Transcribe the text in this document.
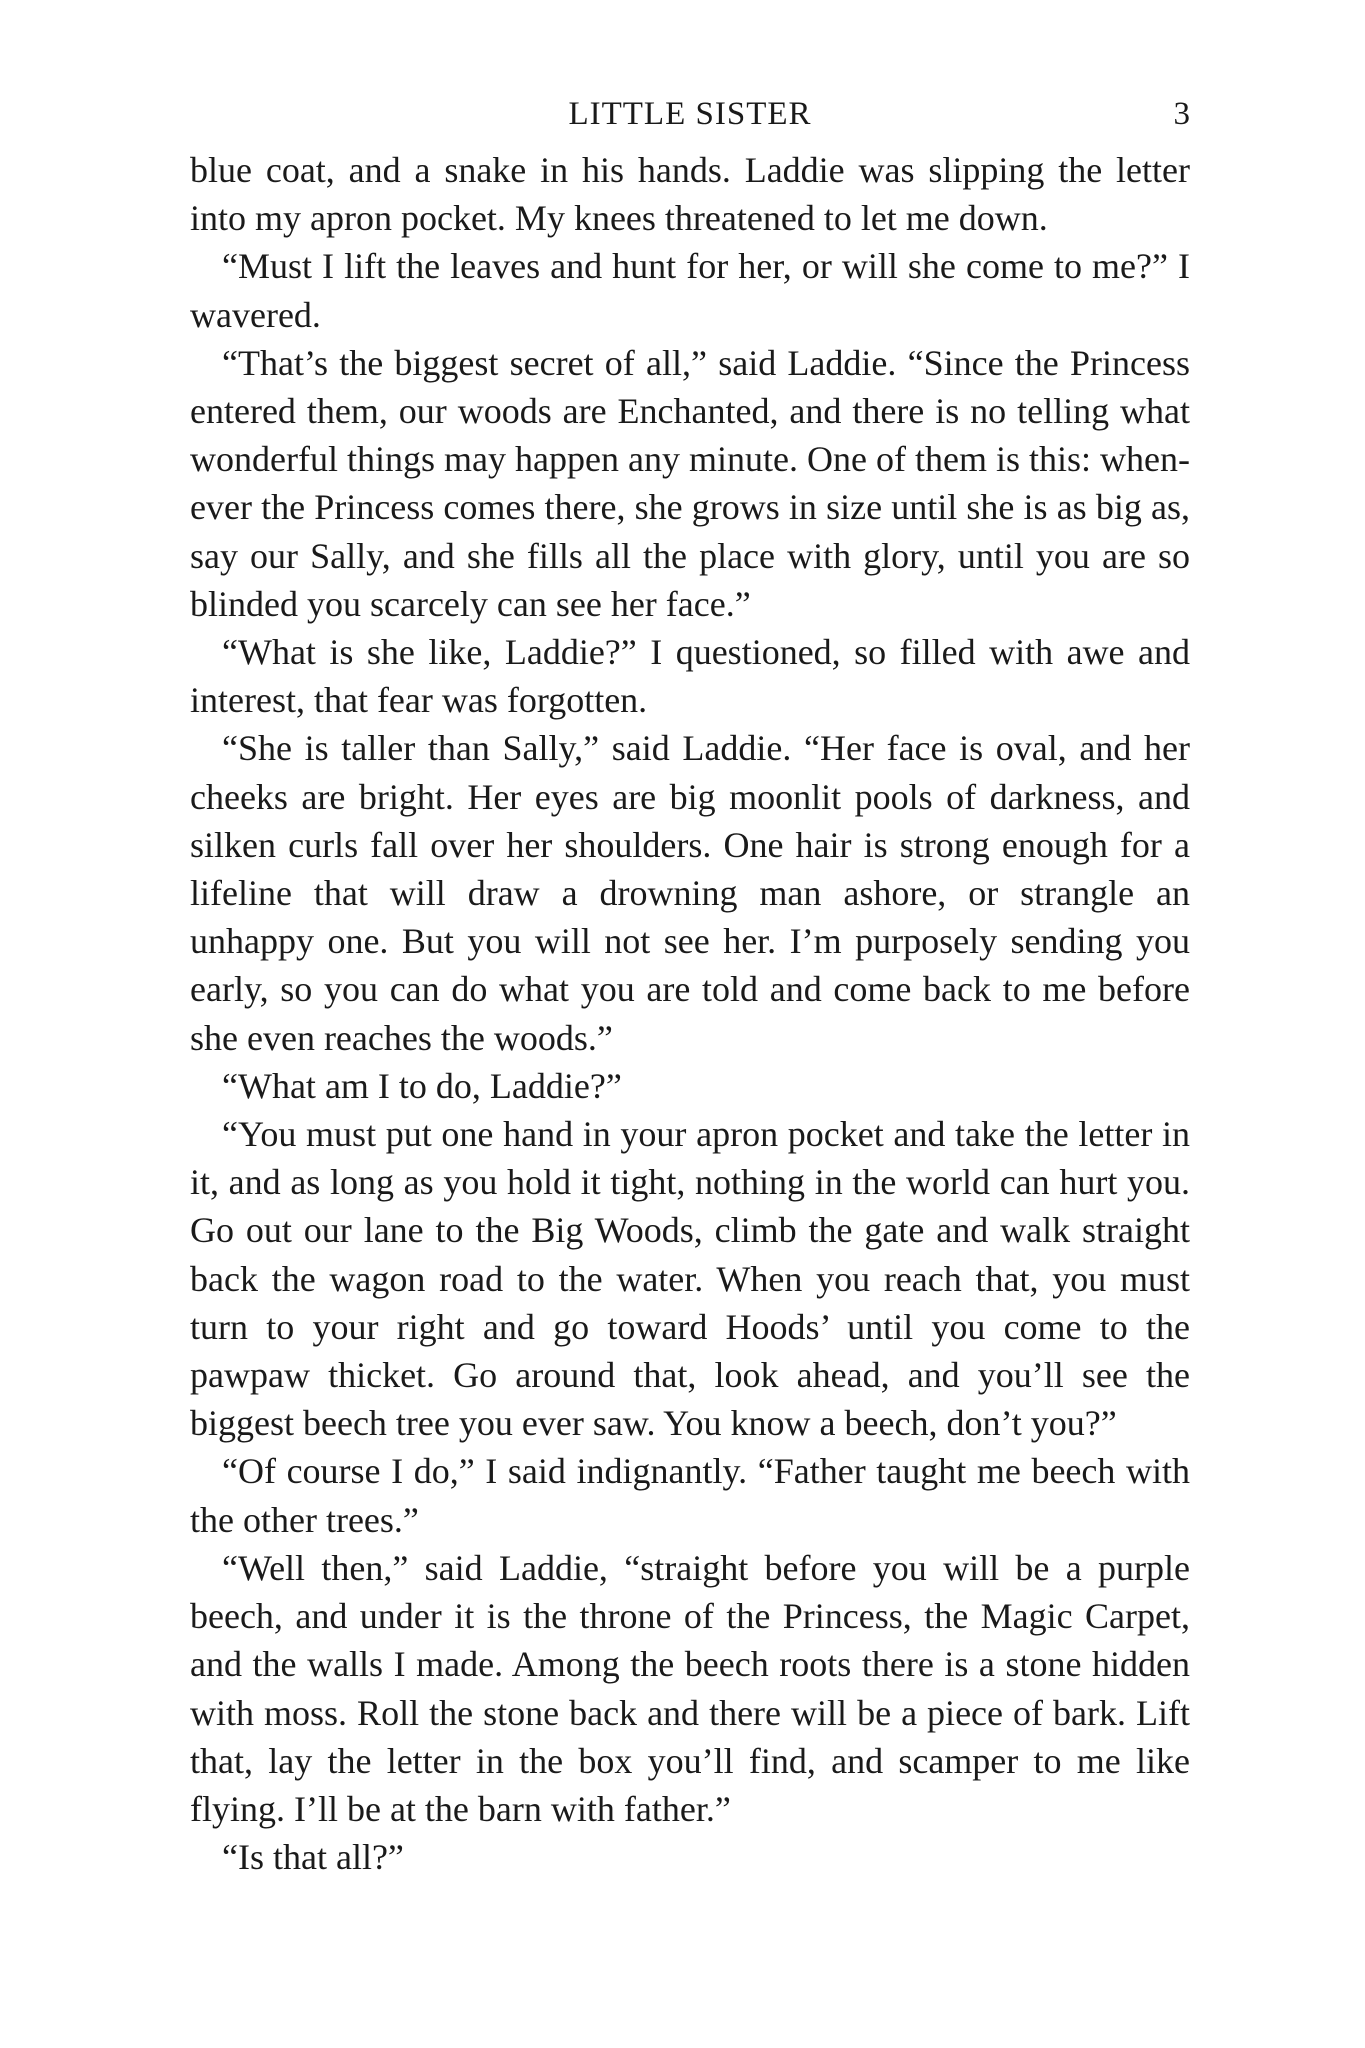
LITTLE SISTER	3

blue coat, and a snake in his hands. Laddie was slipping the letter into my apron pocket. My knees threatened to let me down.

“Must I lift the leaves and hunt for her, or will she come to me?” I wavered.

“That’s the biggest secret of all,” said Laddie. “Since the Princess entered them, our woods are Enchanted, and there is no telling what wonderful things may happen any minute. One of them is this: whenever the Princess comes there, she grows in size until she is as big as, say our Sally, and she fills all the place with glory, until you are so blinded you scarcely can see her face.”

“What is she like, Laddie?” I questioned, so filled with awe and interest, that fear was forgotten.

“She is taller than Sally,” said Laddie. “Her face is oval, and her cheeks are bright. Her eyes are big moonlit pools of darkness, and silken curls fall over her shoulders. One hair is strong enough for a lifeline that will draw a drowning man ashore, or strangle an unhappy one. But you will not see her. I’m purposely sending you early, so you can do what you are told and come back to me before she even reaches the woods.”

“What am I to do, Laddie?”

“You must put one hand in your apron pocket and take the letter in it, and as long as you hold it tight, nothing in the world can hurt you. Go out our lane to the Big Woods, climb the gate and walk straight back the wagon road to the water. When you reach that, you must turn to your right and go toward Hoods’ until you come to the pawpaw thicket. Go around that, look ahead, and you’ll see the biggest beech tree you ever saw. You know a beech, don’t you?”

“Of course I do,” I said indignantly. “Father taught me beech with the other trees.”

“Well then,” said Laddie, “straight before you will be a purple beech, and under it is the throne of the Princess, the Magic Carpet, and the walls I made. Among the beech roots there is a stone hidden with moss. Roll the stone back and there will be a piece of bark. Lift that, lay the letter in the box you’ll find, and scamper to me like flying. I’ll be at the barn with father.”

“Is that all?”
